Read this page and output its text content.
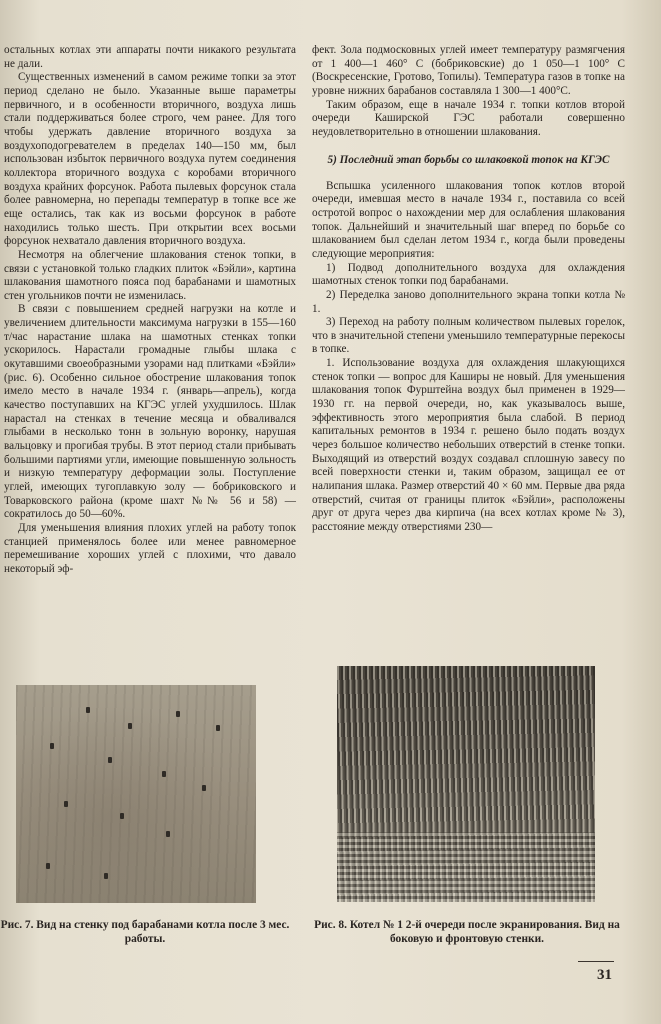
остальных котлах эти аппараты почти никакого результата не дали.

Существенных изменений в самом режиме топки за этот период сделано не было. Указанные выше параметры первичного, и в особенности вторичного, воздуха лишь стали поддерживаться более строго, чем ранее. Для того чтобы удержать давление вторичного воздуха за воздухоподогревателем в пределах 140—150 мм, был использован избыток первичного воздуха путем соединения коллектора вторичного воздуха с коробами вторичного воздуха крайних форсунок. Работа пылевых форсунок стала более равномерна, но перепады температур в топке все же еще остались, так как из восьми форсунок в работе находились только шесть. При открытии всех восьми форсунок нехватало давления вторичного воздуха.

Несмотря на облегчение шлакования стенок топки, в связи с установкой только гладких плиток «Бэйли», картина шлакования шамотного пояса под барабанами и шамотных стен угольников почти не изменилась.

В связи с повышением средней нагрузки на котле и увеличением длительности максимума нагрузки в 155—160 т/час нарастание шлака на шамотных стенках топки ускорилось. Нарастали громадные глыбы шлака с окутавшими своеобразными узорами над плитками «Бэйли» (рис. 6). Особенно сильное обострение шлакования топок имело место в начале 1934 г. (январь—апрель), когда качество поступавших на КГЭС углей ухудшилось. Шлак нарастал на стенках в течение месяца и обваливался глыбами в несколько тонн в зольную воронку, нарушая вальцовку и прогибая трубы. В этот период стали прибывать большими партиями угли, имеющие повышенную зольность и низкую температуру деформации золы. Поступление углей, имеющих тугоплавкую золу — бобриковского и Товарковского района (кроме шахт №№ 56 и 58) — сократилось до 50—60%.

Для уменьшения влияния плохих углей на работу топок станцией применялось более или менее равномерное перемешивание хороших углей с плохими, что давало некоторый эф-

фект. Зола подмосковных углей имеет температуру размягчения от 1 400—1 460° С (бобриковские) до 1 050—1 100° С (Воскресенские, Гротово, Топилы). Температура газов в топке на уровне нижних барабанов составляла 1 300—1 400°С.

Таким образом, еще в начале 1934 г. топки котлов второй очереди Каширской ГЭС работали совершенно неудовлетворительно в отношении шлакования.

5) Последний этап борьбы со шлаковкой топок на КГЭС

Вспышка усиленного шлакования топок котлов второй очереди, имевшая место в начале 1934 г., поставила со всей остротой вопрос о нахождении мер для ослабления шлакования топок. Дальнейший и значительный шаг вперед по борьбе со шлакованием был сделан летом 1934 г., когда были проведены следующие мероприятия:

1) Подвод дополнительного воздуха для охлаждения шамотных стенок топки под барабанами.

2) Переделка заново дополнительного экрана топки котла № 1.

3) Переход на работу полным количеством пылевых горелок, что в значительной степени уменьшило температурные перекосы в топке.

1. Использование воздуха для охлаждения шлакующихся стенок топки — вопрос для Каширы не новый. Для уменьшения шлакования топок Фурштейна воздух был применен в 1929—1930 гг. на первой очереди, но, как указывалось выше, эффективность этого мероприятия была слабой. В период капитальных ремонтов в 1934 г. решено было подать воздух через большое количество небольших отверстий в стенке топки. Выходящий из отверстий воздух создавал сплошную завесу по всей поверхности стенки и, таким образом, защищал ее от налипания шлака. Размер отверстий 40 × 60 мм. Первые два ряда отверстий, считая от границы плиток «Бэйли», расположены друг от друга через два кирпича (на всех котлах кроме № 3), расстояние между отверстиями 230—

Рис. 7. Вид на стенку под барабанами котла после 3 мес. работы.
Рис. 8. Котел № 1 2-й очереди после экранирования. Вид на боковую и фронтовую стенки.
31
